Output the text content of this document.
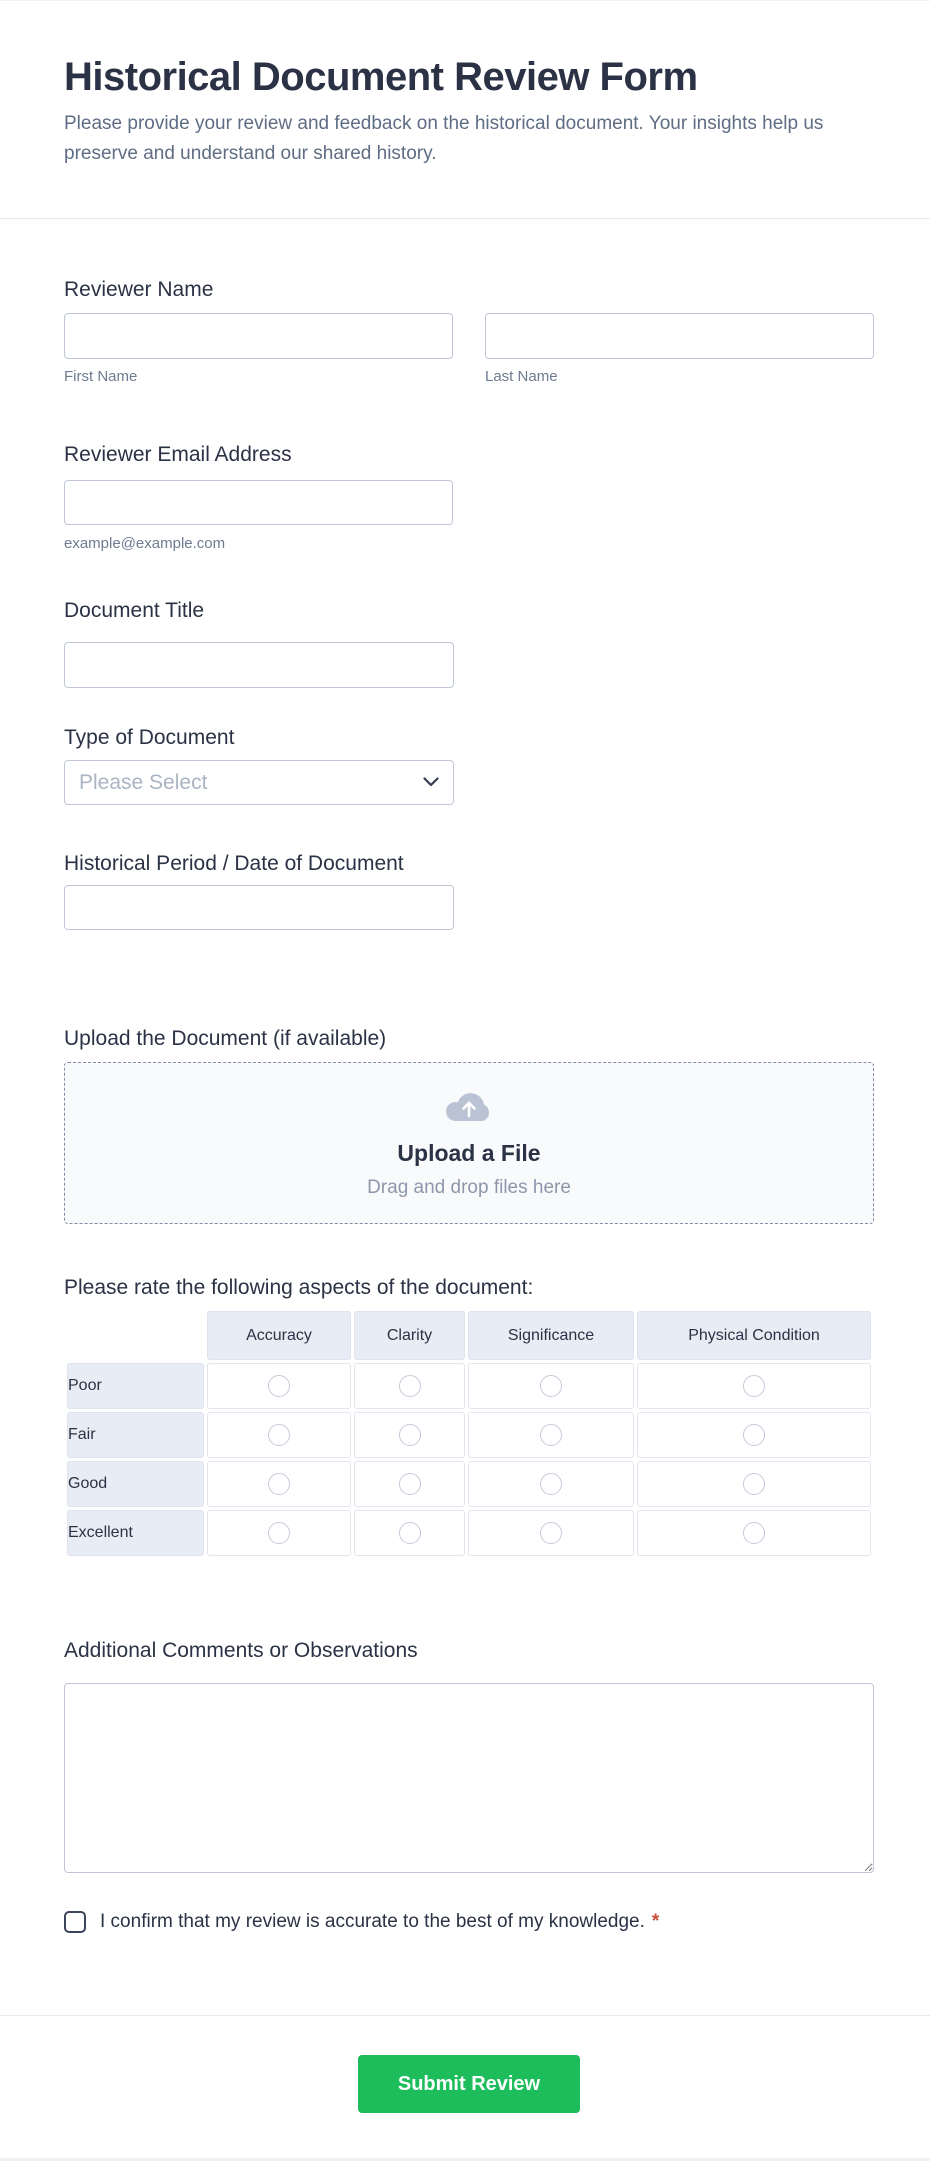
Historical Document Review Form

Please provide your review and feedback on the historical document. Your insights help us preserve and understand our shared history.

Reviewer Name
First Name	Last Name
Reviewer Email Address
example@example.com
Document Title
Type of Document
Please Select
Historical Period / Date of Document
Upload the Document (if available)
Upload a File
Drag and drop files here
Please rate the following aspects of the document:
	Accuracy	Clarity	Significance	Physical Condition
Poor				
Fair				
Good				
Excellent				
Additional Comments or Observations
I confirm that my review is accurate to the best of my knowledge. *
Submit Review
